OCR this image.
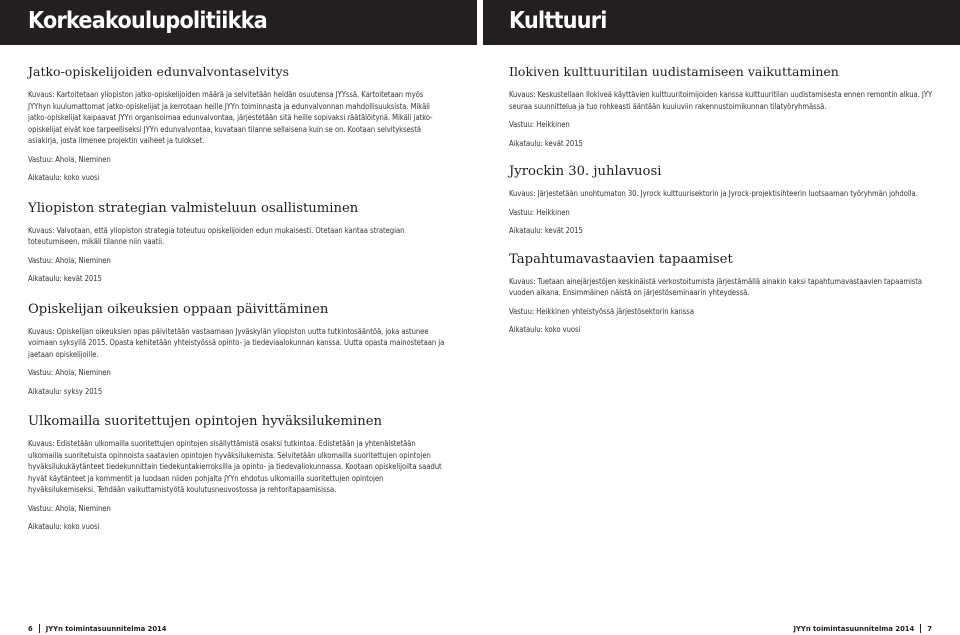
Korkeakoulupolitiikka
Jatko-opiskelijoiden edunvalvontaselvitys

Kuvaus: Kartoitetaan yliopiston jatko-opiskelijoiden määrä ja selvitetään heidän osuutensa JYYssä. Kartoitetaan myös JYYhyn kuulumattomat jatko-opiskelijat ja kerrotaan heille JYYn toiminnasta ja edunvalvonnan mahdollisuuksista. Mikäli jatko-opiskelijat kaipaavat JYYn organisoimaa edunvalvontaa, järjestetään sitä heille sopivaksi räätälöitynä. Mikäli jatko-opiskelijat eivät koe tarpeelliseksi JYYn edunvalvontaa, kuvataan tilanne sellaisena kuin se on. Kootaan selvityksestä asiakirja, josta ilmenee projektin vaiheet ja tulokset.

Vastuu: Ahola, Nieminen

Aikataulu: koko vuosi

Yliopiston strategian valmisteluun osallistuminen

Kuvaus: Valvotaan, että yliopiston strategia toteutuu opiskelijoiden edun mukaisesti. Otetaan kantaa strategian toteutumiseen, mikäli tilanne niin vaatii.

Vastuu: Ahola, Nieminen

Aikataulu: kevät 2015

Opiskelijan oikeuksien oppaan päivittäminen

Kuvaus: Opiskelijan oikeuksien opas päivitetään vastaamaan Jyväskylän yliopiston uutta tutkintosääntöä, joka astunee voimaan syksyllä 2015. Opasta kehitetään yhteistyössä opinto- ja tiedeviaalokunnan kanssa. Uutta opasta mainostetaan ja jaetaan opiskelijoille.

Vastuu: Ahola, Nieminen

Aikataulu: syksy 2015

Ulkomailla suoritettujen opintojen hyväksilukeminen

Kuvaus: Edistetään ulkomailla suoritettujen opintojen sisällyttämistä osaksi tutkintoa. Edistetään ja yhtenäistetään ulkomailla suoritetuista opinnoista saatavien opintojen hyväksilukemista. Selvitetään ulkomailla suoritettujen opintojen hyväksilukukäytänteet tiedekunnittain tiedekuntakierroksilla ja opinto- ja tiedevaliokunnassa. Kootaan opiskelijoilta saadut hyvät käytänteet ja kommentit ja luodaan niiden pohjalta JYYn ehdotus ulkomailla suoritettujen opintojen hyväksilukemiseksi. Tehdään vaikuttamistyötä koulutusneuvostossa ja rehtoritapaamisissa.

Vastuu: Ahola, Nieminen

Aikataulu: koko vuosi

6 JYYn toimintasuunnitelma 2014
Kulttuuri
Ilokiven kulttuuritilan uudistamiseen vaikuttaminen

Kuvaus: Keskustellaan Ilokiveä käyttävien kulttuuritoimijoiden kanssa kulttuuritilan uudistamisesta ennen remontin alkua. JYY seuraa suunnittelua ja tuo rohkeasti ääntään kuuluviin rakennustoimikunnan tilatyöryhmässä.

Vastuu: Heikkinen

Aikataulu: kevät 2015

Jyrockin 30. juhlavuosi

Kuvaus: Järjestetään unohtumaton 30. Jyrock kulttuurisektorin ja Jyrock-projektisihteerin luotsaaman työryhmän johdolla.

Vastuu: Heikkinen

Aikataulu: kevät 2015

Tapahtumavastaavien tapaamiset

Kuvaus: Tuetaan ainejärjestöjen keskinäistä verkostoitumista järjestämällä ainakin kaksi tapahtumavastaavien tapaamista vuoden aikana. Ensimmäinen näistä on järjestöseminaarin yhteydessä.

Vastuu: Heikkinen yhteistyössä järjestösektorin kanssa

Aikataulu: koko vuosi

JYYn toimintasuunnitelma 2014 7
